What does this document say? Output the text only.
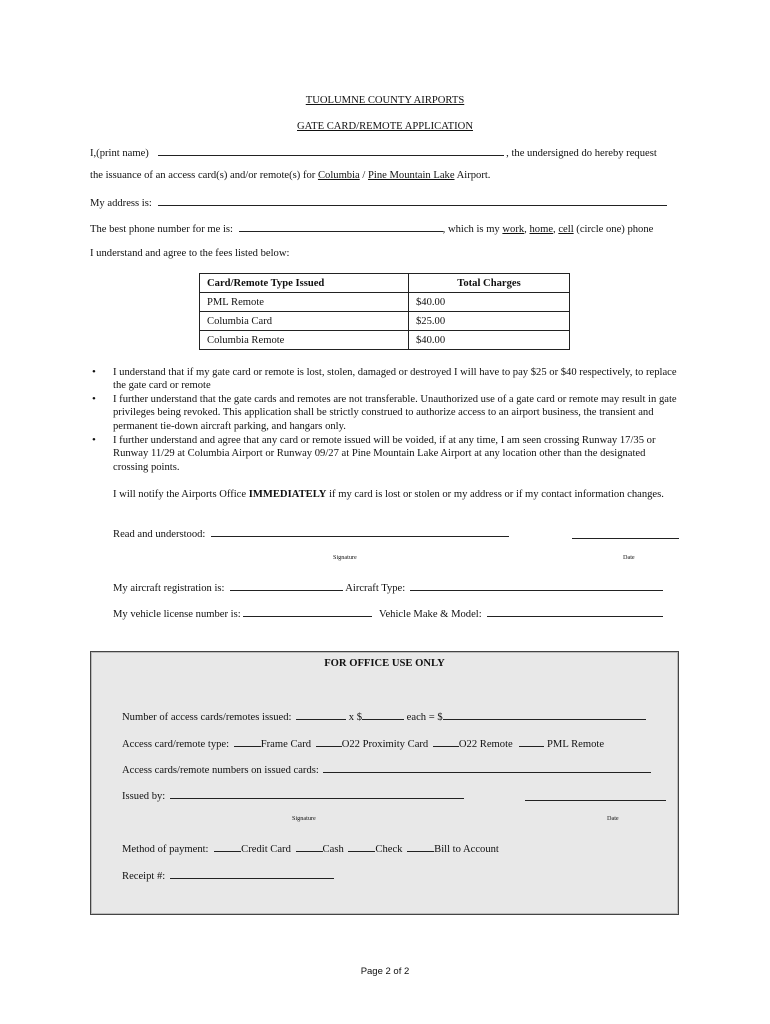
TUOLUMNE COUNTY AIRPORTS
GATE CARD/REMOTE APPLICATION
I,(print name)	, the undersigned do hereby request
the issuance of an access card(s) and/or remote(s) for Columbia / Pine Mountain Lake Airport.
My address is:
The best phone number for me is:	, which is my work, home, cell (circle one) phone
I understand and agree to the fees listed below:
Card/Remote Type Issued	Total Charges
PML Remote	$40.00
Columbia Card	$25.00
Columbia Remote	$40.00
• I understand that if my gate card or remote is lost, stolen, damaged or destroyed I will have to pay $25 or $40 respectively, to replace the gate card or remote
• I further understand that the gate cards and remotes are not transferable. Unauthorized use of a gate card or remote may result in gate privileges being revoked. This application shall be strictly construed to authorize access to an airport business, the transient and permanent tie-down aircraft parking, and hangars only.
• I further understand and agree that any card or remote issued will be voided, if at any time, I am seen crossing Runway 17/35 or Runway 11/29 at Columbia Airport or Runway 09/27 at Pine Mountain Lake Airport at any location other than the designated crossing points.
I will notify the Airports Office IMMEDIATELY if my card is lost or stolen or my address or if my contact information changes.
Read and understood:
Signature	Date
My aircraft registration is:	Aircraft Type:
My vehicle license number is:	Vehicle Make & Model:
FOR OFFICE USE ONLY
Number of access cards/remotes issued:	x $	each = $
Access card/remote type:	Frame Card	O22 Proximity Card	O22 Remote	PML Remote
Access cards/remote numbers on issued cards:
Issued by:
Signature	Date
Method of payment:	Credit Card	Cash	Check	Bill to Account
Receipt #:
Page 2 of 2
